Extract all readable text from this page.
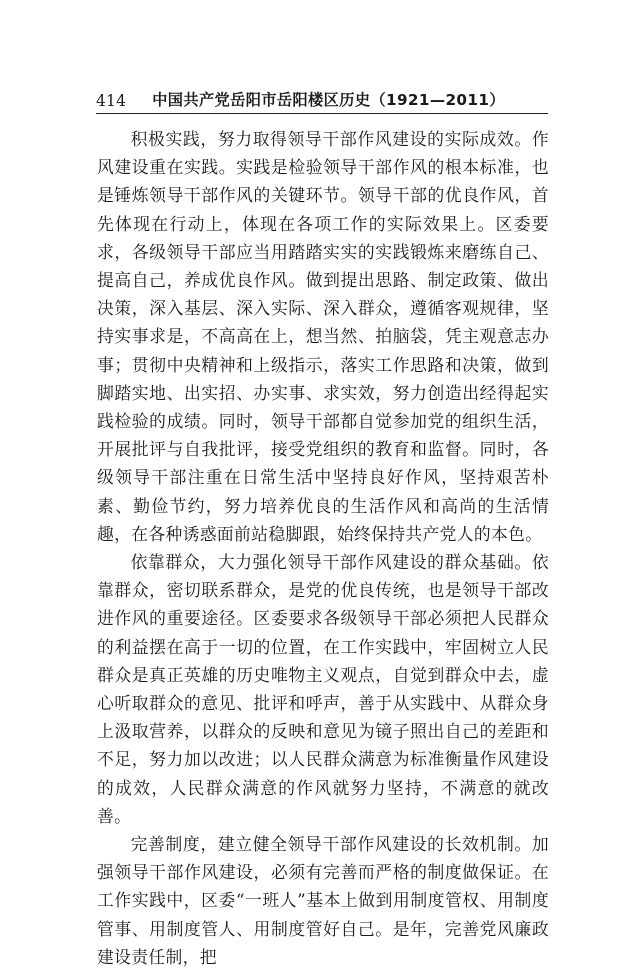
414 中国共产党岳阳市岳阳楼区历史（1921—2011）

积极实践，努力取得领导干部作风建设的实际成效。作风建设重在实践。实践是检验领导干部作风的根本标准，也是锤炼领导干部作风的关键环节。领导干部的优良作风，首先体现在行动上，体现在各项工作的实际效果上。区委要求，各级领导干部应当用踏踏实实的实践锻炼来磨练自己、提高自己，养成优良作风。做到提出思路、制定政策、做出决策，深入基层、深入实际、深入群众，遵循客观规律，坚持实事求是，不高高在上，想当然、拍脑袋，凭主观意志办事；贯彻中央精神和上级指示，落实工作思路和决策，做到脚踏实地、出实招、办实事、求实效，努力创造出经得起实践检验的成绩。同时，领导干部都自觉参加党的组织生活，开展批评与自我批评，接受党组织的教育和监督。同时，各级领导干部注重在日常生活中坚持良好作风，坚持艰苦朴素、勤俭节约，努力培养优良的生活作风和高尚的生活情趣，在各种诱惑面前站稳脚跟，始终保持共产党人的本色。

依靠群众，大力强化领导干部作风建设的群众基础。依靠群众，密切联系群众，是党的优良传统，也是领导干部改进作风的重要途径。区委要求各级领导干部必须把人民群众的利益摆在高于一切的位置，在工作实践中，牢固树立人民群众是真正英雄的历史唯物主义观点，自觉到群众中去，虚心听取群众的意见、批评和呼声，善于从实践中、从群众身上汲取营养，以群众的反映和意见为镜子照出自己的差距和不足，努力加以改进；以人民群众满意为标准衡量作风建设的成效，人民群众满意的作风就努力坚持，不满意的就改善。

完善制度，建立健全领导干部作风建设的长效机制。加强领导干部作风建设，必须有完善而严格的制度做保证。在工作实践中，区委“一班人”基本上做到用制度管权、用制度管事、用制度管人、用制度管好自己。是年，完善党风廉政建设责任制，把
